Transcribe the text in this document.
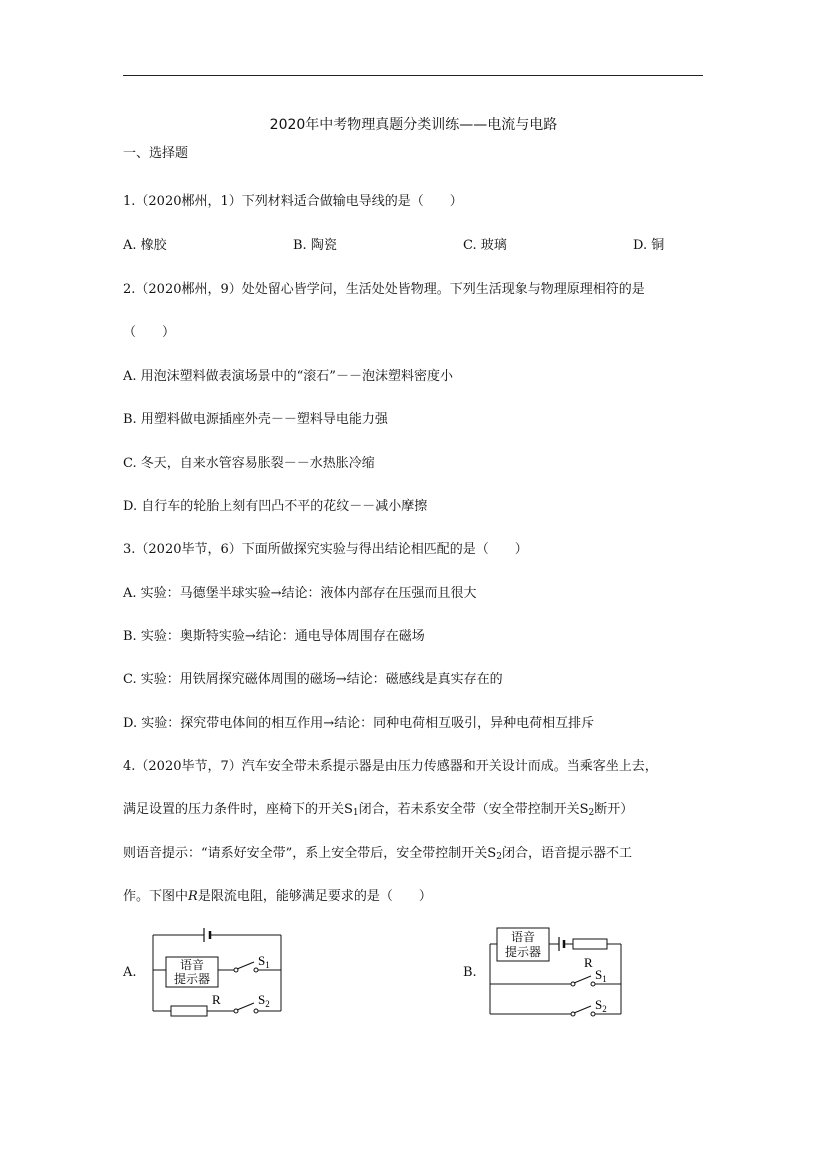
2020年中考物理真题分类训练——电流与电路
一、选择题
1.（2020郴州，1）下列材料适合做输电导线的是（　　）
A. 橡胶	B. 陶瓷	C. 玻璃	D. 铜
2.（2020郴州，9）处处留心皆学问，生活处处皆物理。下列生活现象与物理原理相符的是
（　　）
A. 用泡沫塑料做表演场景中的“滚石”－－泡沫塑料密度小
B. 用塑料做电源插座外壳－－塑料导电能力强
C. 冬天，自来水管容易胀裂－－水热胀冷缩
D. 自行车的轮胎上刻有凹凸不平的花纹－－减小摩擦
3.（2020毕节，6）下面所做探究实验与得出结论相匹配的是（　　）
A. 实验：马德堡半球实验→结论：液体内部存在压强而且很大
B. 实验：奥斯特实验→结论：通电导体周围存在磁场
C. 实验：用铁屑探究磁体周围的磁场→结论：磁感线是真实存在的
D. 实验：探究带电体间的相互作用→结论：同种电荷相互吸引，异种电荷相互排斥
4.（2020毕节，7）汽车安全带未系提示器是由压力传感器和开关设计而成。当乘客坐上去，
满足设置的压力条件时，座椅下的开关$S_1$闭合，若未系安全带（安全带控制开关$S_2$断开）
则语音提示：“请系好安全带”，系上安全带后，安全带控制开关$S_2$闭合，语音提示器不工
作。下图中R是限流电阻，能够满足要求的是（　　）
A.	语音
提示器
$S_1$
$S_2$
R
B.
语音
提示器
R
$S_1$
$S_2$
